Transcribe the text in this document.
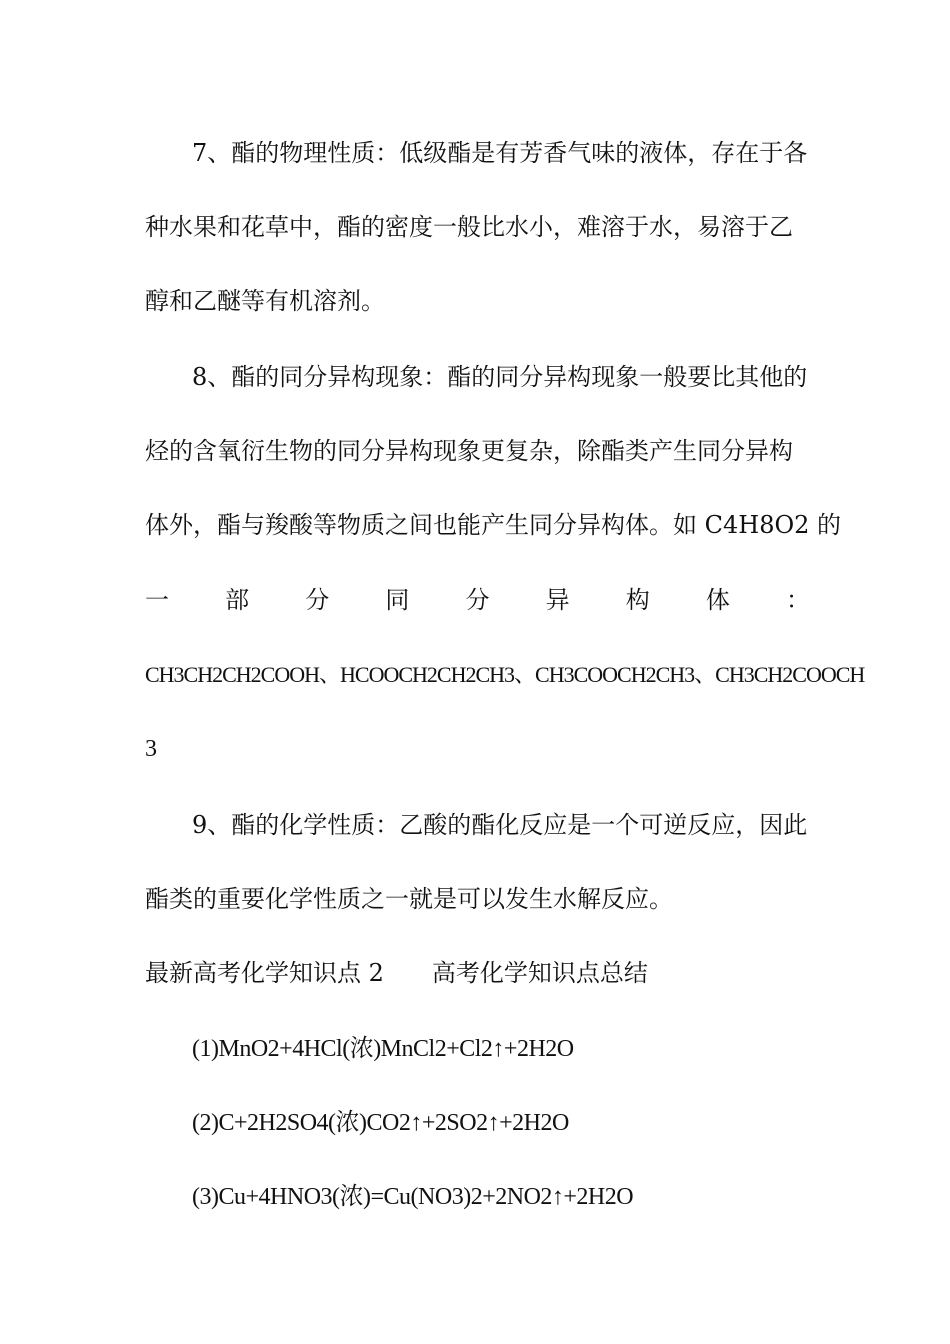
7、酯的物理性质：低级酯是有芳香气味的液体，存在于各
种水果和花草中，酯的密度一般比水小，难溶于水，易溶于乙
醇和乙醚等有机溶剂。
8、酯的同分异构现象：酯的同分异构现象一般要比其他的
烃的含氧衍生物的同分异构现象更复杂，除酯类产生同分异构
体外，酯与羧酸等物质之间也能产生同分异构体。如 C4H8O2 的
一 部 分 同 分 异 构 体 ：
CH3CH2CH2COOH、HCOOCH2CH2CH3、CH3COOCH2CH3、CH3CH2COOCH
3
9、酯的化学性质：乙酸的酯化反应是一个可逆反应，因此
酯类的重要化学性质之一就是可以发生水解反应。
最新高考化学知识点 2　　高考化学知识点总结
(1)MnO2+4HCl(浓)MnCl2+Cl2↑+2H2O
(2)C+2H2SO4(浓)CO2↑+2SO2↑+2H2O
(3)Cu+4HNO3(浓)=Cu(NO3)2+2NO2↑+2H2O
